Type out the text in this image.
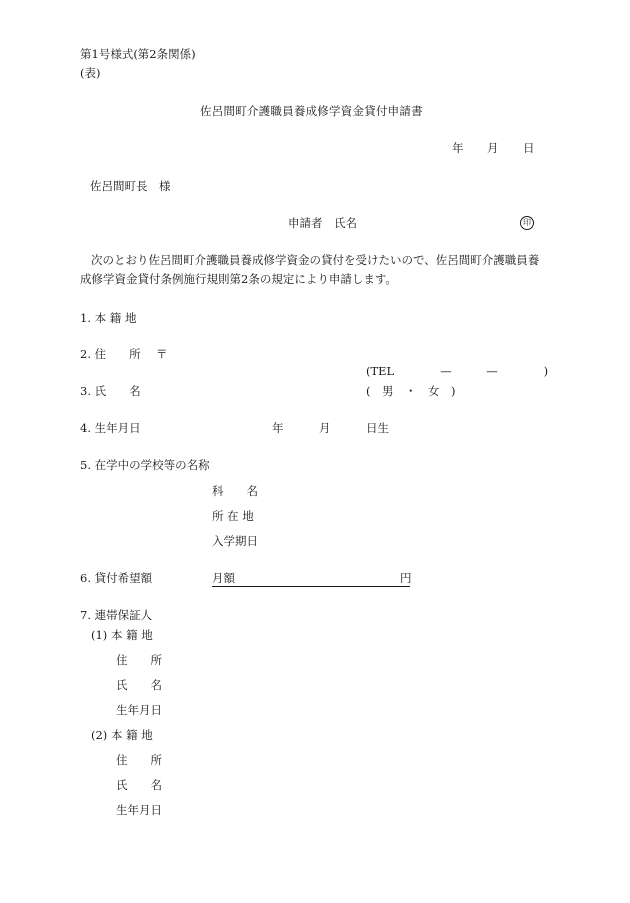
第1号様式(第2条関係)
(表)
佐呂間町介護職員養成修学資金貸付申請書
年 月 日
佐呂間町長　様
申請者　氏名	印
次のとおり佐呂間町介護職員養成修学資金の貸付を受けたいので、佐呂間町介護職員養
成修学資金貸付条例施行規則第2条の規定により申請します。
1. 本 籍 地
2. 住　　所 〒
(TEL　　　　—　　　—　　　　)
3. 氏　　名	(　男　・　女　)
4. 生年月日	年	月	日生
5. 在学中の学校等の名称
科　　名
所 在 地
入学期日
6. 貸付希望額	月額	円
7. 連帯保証人
(1) 本 籍 地
住　　所
氏　　名
生年月日
(2) 本 籍 地
住　　所
氏　　名
生年月日
